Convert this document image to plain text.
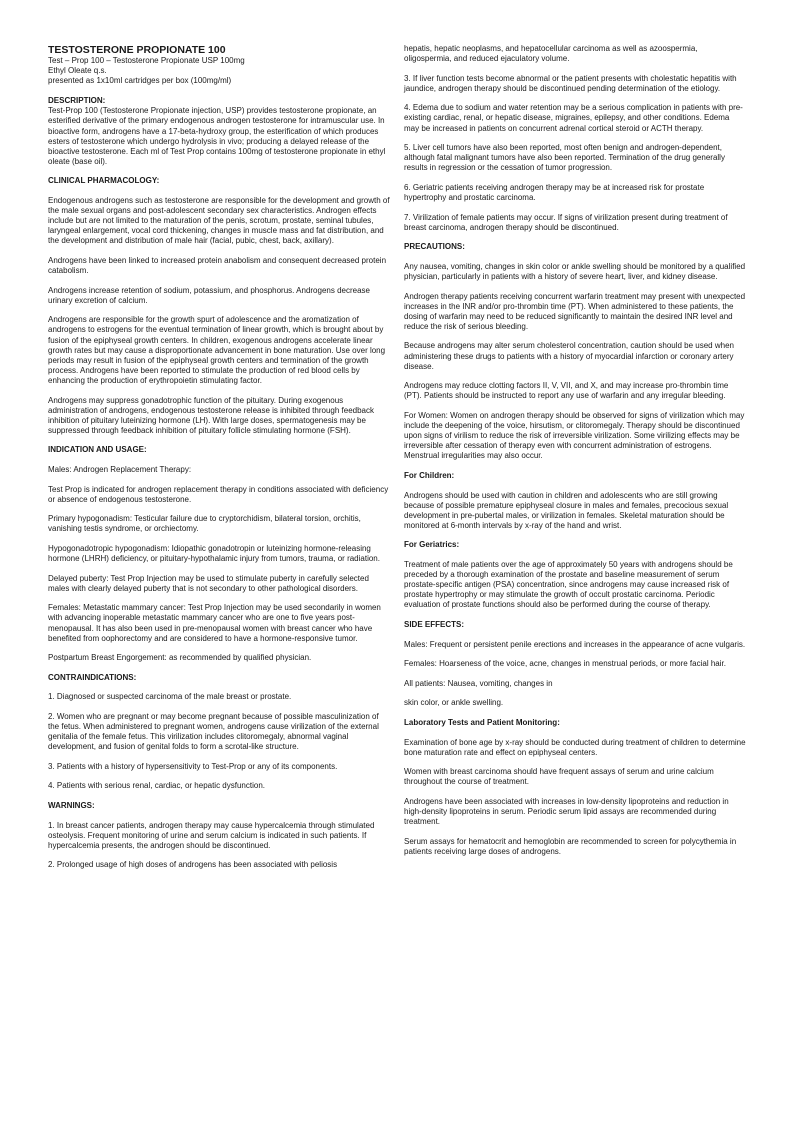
TESTOSTERONE PROPIONATE 100

Test – Prop 100 – Testosterone Propionate USP 100mg

Ethyl Oleate q.s.

presented as 1x10ml cartridges per box (100mg/ml)

DESCRIPTION:

Test-Prop 100 (Testosterone Propionate injection, USP) provides testosterone propionate, an esterified derivative of the primary endogenous androgen testosterone for intramuscular use. In bioactive form, androgens have a 17-beta-hydroxy group, the esterification of which produces esters of testosterone which undergo hydrolysis in vivo; producing a delayed release of the bioactive testosterone. Each ml of Test Prop contains 100mg of testosterone propionate in ethyl oleate (base oil).

CLINICAL PHARMACOLOGY:

Endogenous androgens such as testosterone are responsible for the development and growth of the male sexual organs and post-adolescent secondary sex characteristics. Androgen effects include but are not limited to the maturation of the penis, scrotum, prostate, seminal tubules, laryngeal enlargement, vocal cord thickening, changes in muscle mass and fat distribution, and the development and distribution of male hair (facial, pubic, chest, back, axillary).

Androgens have been linked to increased protein anabolism and consequent decreased protein catabolism.

Androgens increase retention of sodium, potassium, and phosphorus. Androgens decrease urinary excretion of calcium.

Androgens are responsible for the growth spurt of adolescence and the aromatization of androgens to estrogens for the eventual termination of linear growth, which is brought about by fusion of the epiphyseal growth centers. In children, exogenous androgens accelerate linear growth rates but may cause a disproportionate advancement in bone maturation. Use over long periods may result in fusion of the epiphyseal growth centers and termination of the growth process. Androgens have been reported to stimulate the production of red blood cells by enhancing the production of erythropoietin stimulating factor.

Androgens may suppress gonadotrophic function of the pituitary. During exogenous administration of androgens, endogenous testosterone release is inhibited through feedback inhibition of pituitary luteinizing hormone (LH). With large doses, spermatogenesis may be suppressed through feedback inhibition of pituitary follicle stimulating hormone (FSH).

INDICATION AND USAGE:

Males: Androgen Replacement Therapy:

Test Prop is indicated for androgen replacement therapy in conditions associated with deficiency or absence of endogenous testosterone.

Primary hypogonadism: Testicular failure due to cryptorchidism, bilateral torsion, orchitis, vanishing testis syndrome, or orchiectomy.

Hypogonadotropic hypogonadism: Idiopathic gonadotropin or luteinizing hormone-releasing hormone (LHRH) deficiency, or pituitary-hypothalamic injury from tumors, trauma, or radiation.

Delayed puberty: Test Prop Injection may be used to stimulate puberty in carefully selected males with clearly delayed puberty that is not secondary to other pathological disorders.

Females: Metastatic mammary cancer: Test Prop Injection may be used secondarily in women with advancing inoperable metastatic mammary cancer who are one to five years post-menopausal. It has also been used in pre-menopausal women with breast cancer who have benefited from oophorectomy and are considered to have a hormone-responsive tumor.

Postpartum Breast Engorgement: as recommended by qualified physician.

CONTRAINDICATIONS:

1. Diagnosed or suspected carcinoma of the male breast or prostate.

2. Women who are pregnant or may become pregnant because of possible masculinization of the fetus. When administered to pregnant women, androgens cause virilization of the external genitalia of the female fetus. This virilization includes clitoromegaly, abnormal vaginal development, and fusion of genital folds to form a scrotal-like structure.

3. Patients with a history of hypersensitivity to Test-Prop or any of its components.

4. Patients with serious renal, cardiac, or hepatic dysfunction.

WARNINGS:

1. In breast cancer patients, androgen therapy may cause hypercalcemia through stimulated osteolysis. Frequent monitoring of urine and serum calcium is indicated in such patients. If hypercalcemia presents, the androgen should be discontinued.

2. Prolonged usage of high doses of androgens has been associated with peliosis

hepatis, hepatic neoplasms, and hepatocellular carcinoma as well as azoospermia, oligospermia, and reduced ejaculatory volume.

3. If liver function tests become abnormal or the patient presents with cholestatic hepatitis with jaundice, androgen therapy should be discontinued pending determination of the etiology.

4. Edema due to sodium and water retention may be a serious complication in patients with pre-existing cardiac, renal, or hepatic disease, migraines, epilepsy, and other conditions. Edema may be increased in patients on concurrent adrenal cortical steroid or ACTH therapy.

5. Liver cell tumors have also been reported, most often benign and androgen-dependent, although fatal malignant tumors have also been reported. Termination of the drug generally results in regression or the cessation of tumor progression.

6. Geriatric patients receiving androgen therapy may be at increased risk for prostate hypertrophy and prostatic carcinoma.

7. Virilization of female patients may occur. If signs of virilization present during treatment of breast carcinoma, androgen therapy should be discontinued.

PRECAUTIONS:

Any nausea, vomiting, changes in skin color or ankle swelling should be monitored by a qualified physician, particularly in patients with a history of severe heart, liver, and kidney disease.

Androgen therapy patients receiving concurrent warfarin treatment may present with unexpected increases in the INR and/or pro-thrombin time (PT). When administered to these patients, the dosing of warfarin may need to be reduced significantly to maintain the desired INR level and reduce the risk of serious bleeding.

Because androgens may alter serum cholesterol concentration, caution should be used when administering these drugs to patients with a history of myocardial infarction or coronary artery disease.

Androgens may reduce clotting factors II, V, VII, and X, and may increase pro-thrombin time (PT). Patients should be instructed to report any use of warfarin and any irregular bleeding.

For Women: Women on androgen therapy should be observed for signs of virilization which may include the deepening of the voice, hirsutism, or clitoromegaly. Therapy should be discontinued upon signs of virilism to reduce the risk of irreversible virilization. Some virilizing effects may be irreversible after cessation of therapy even with concurrent administration of estrogens. Menstrual irregularities may also occur.

For Children:

Androgens should be used with caution in children and adolescents who are still growing because of possible premature epiphyseal closure in males and females, precocious sexual development in pre-pubertal males, or virilization in females. Skeletal maturation should be monitored at 6-month intervals by x-ray of the hand and wrist.

For Geriatrics:

Treatment of male patients over the age of approximately 50 years with androgens should be preceded by a thorough examination of the prostate and baseline measurement of serum prostate-specific antigen (PSA) concentration, since androgens may cause increased risk of prostate hypertrophy or may stimulate the growth of occult prostatic carcinoma. Periodic evaluation of prostate functions should also be performed during the course of therapy.

SIDE EFFECTS:

Males: Frequent or persistent penile erections and increases in the appearance of acne vulgaris.

Females: Hoarseness of the voice, acne, changes in menstrual periods, or more facial hair.

All patients: Nausea, vomiting, changes in

skin color, or ankle swelling.

Laboratory Tests and Patient Monitoring:

Examination of bone age by x-ray should be conducted during treatment of children to determine bone maturation rate and effect on epiphyseal centers.

Women with breast carcinoma should have frequent assays of serum and urine calcium throughout the course of treatment.

Androgens have been associated with increases in low-density lipoproteins and reduction in high-density lipoproteins in serum. Periodic serum lipid assays are recommended during treatment.

Serum assays for hematocrit and hemoglobin are recommended to screen for polycythemia in patients receiving large doses of androgens.
